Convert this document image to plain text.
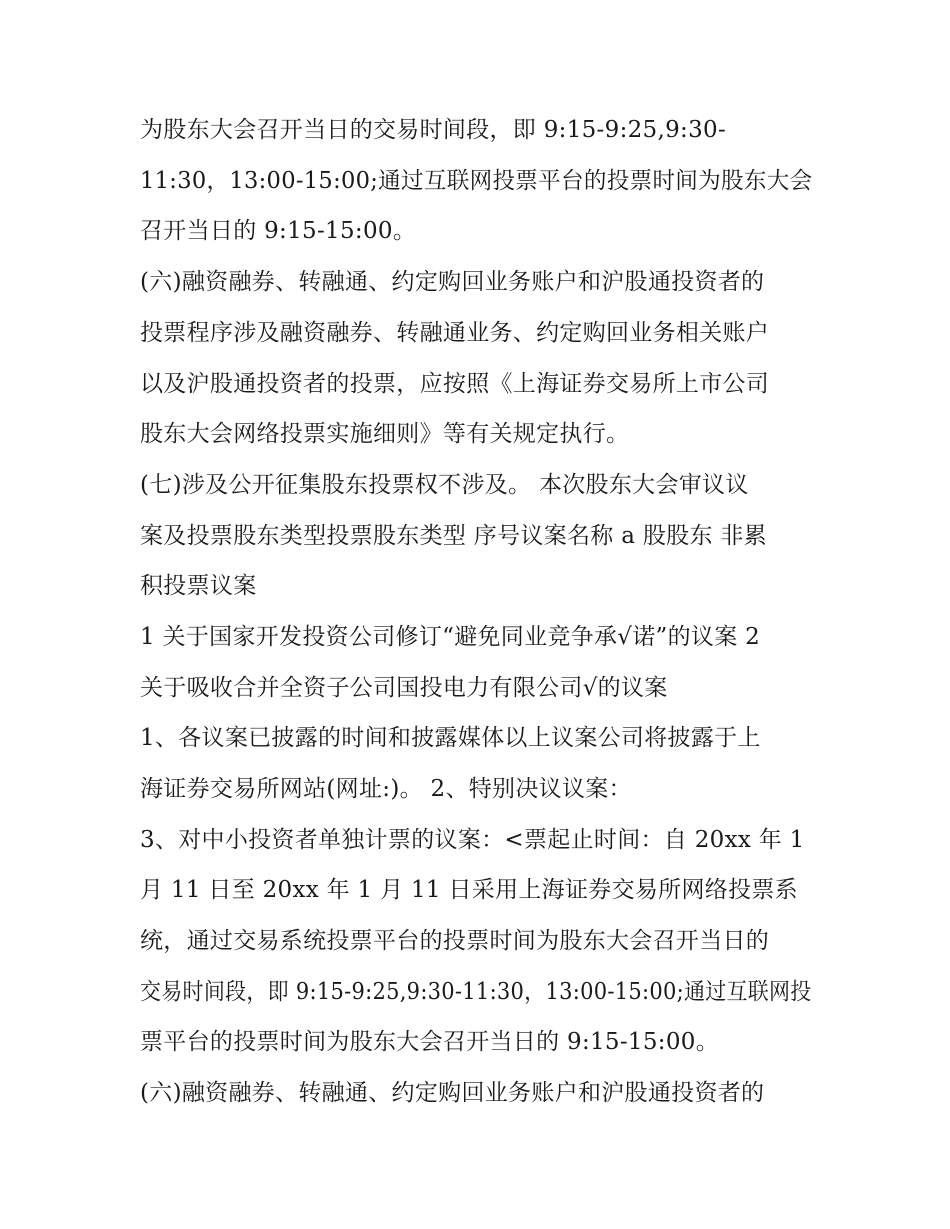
为股东大会召开当日的交易时间段，即 9:15-9:25,9:30-
11:30，13:00-15:00;通过互联网投票平台的投票时间为股东大会
召开当日的 9:15-15:00。
(六)融资融券、转融通、约定购回业务账户和沪股通投资者的
投票程序涉及融资融券、转融通业务、约定购回业务相关账户
以及沪股通投资者的投票，应按照《上海证券交易所上市公司
股东大会网络投票实施细则》等有关规定执行。
(七)涉及公开征集股东投票权不涉及。 本次股东大会审议议
案及投票股东类型投票股东类型 序号议案名称 a 股股东 非累
积投票议案
1 关于国家开发投资公司修订“避免同业竞争承√诺”的议案 2
关于吸收合并全资子公司国投电力有限公司√的议案
1、各议案已披露的时间和披露媒体以上议案公司将披露于上
海证券交易所网站(网址:)。 2、特别决议议案：
3、对中小投资者单独计票的议案：<票起止时间：自 20xx 年 1
月 11 日至 20xx 年 1 月 11 日采用上海证券交易所网络投票系
统，通过交易系统投票平台的投票时间为股东大会召开当日的
交易时间段，即 9:15-9:25,9:30-11:30，13:00-15:00;通过互联网投
票平台的投票时间为股东大会召开当日的 9:15-15:00。
(六)融资融券、转融通、约定购回业务账户和沪股通投资者的
